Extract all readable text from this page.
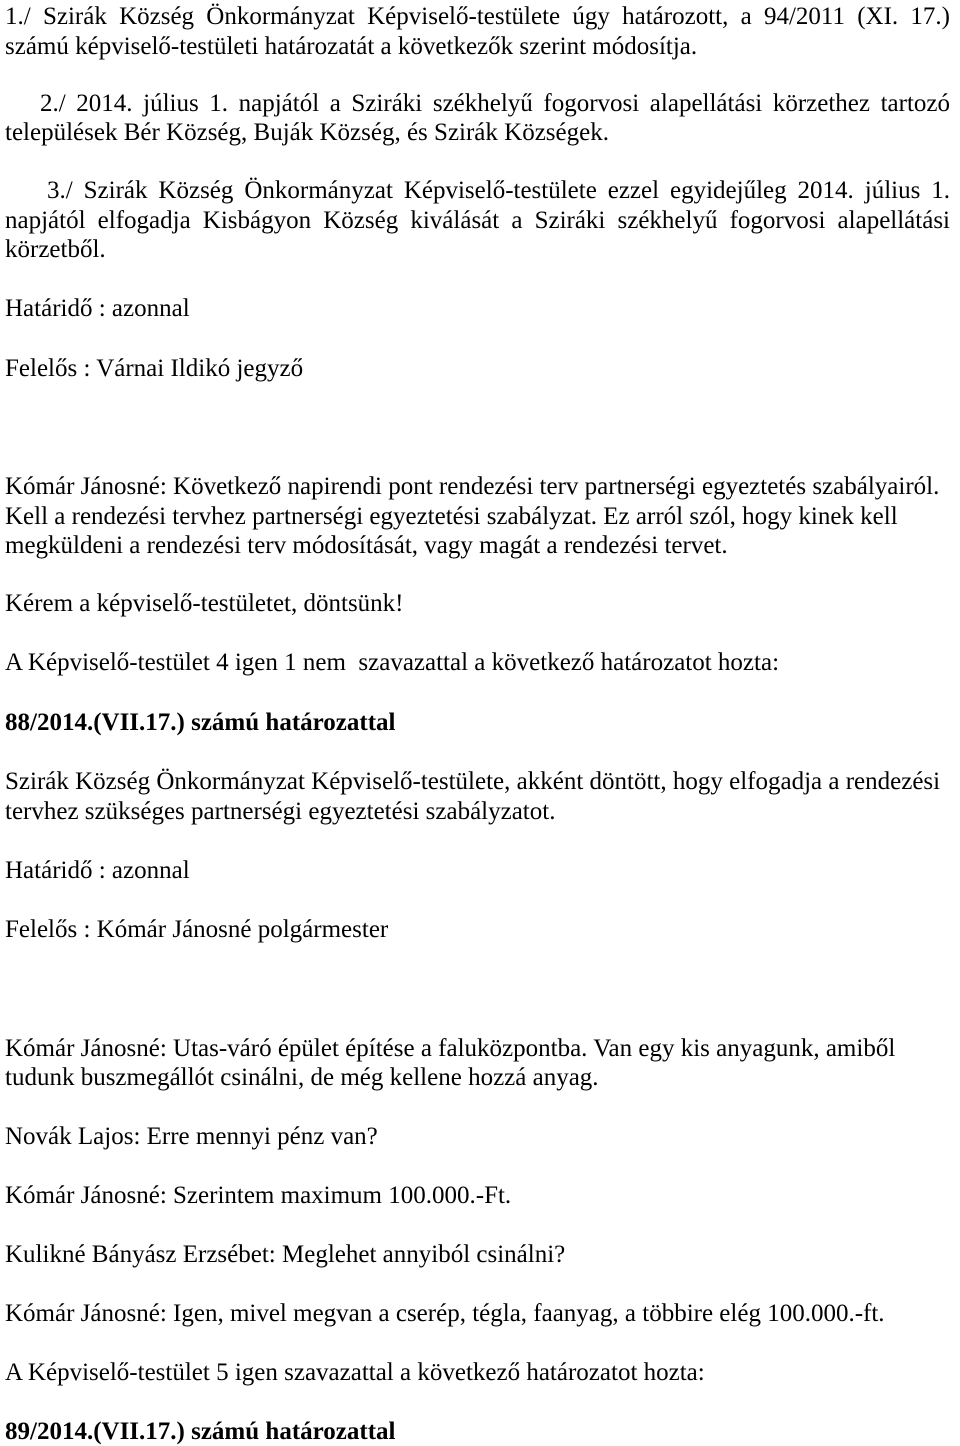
1./ Szirák Község Önkormányzat Képviselő-testülete úgy határozott, a 94/2011 (XI. 17.)
számú képviselő-testületi határozatát a következők szerint módosítja.
2./ 2014. július 1. napjától a Sziráki székhelyű fogorvosi alapellátási körzethez tartozó
települések Bér Község, Buják Község, és Szirák Községek.
3./ Szirák Község Önkormányzat Képviselő-testülete ezzel egyidejűleg 2014. július 1.
napjától elfogadja Kisbágyon Község kiválását a Sziráki székhelyű fogorvosi alapellátási
körzetből.
Határidő : azonnal
Felelős : Várnai Ildikó jegyző
Kómár Jánosné: Következő napirendi pont rendezési terv partnerségi egyeztetés szabályairól.
Kell a rendezési tervhez partnerségi egyeztetési szabályzat. Ez arról szól, hogy kinek kell
megküldeni a rendezési terv módosítását, vagy magát a rendezési tervet.
Kérem a képviselő-testületet, döntsünk!
A Képviselő-testület 4 igen 1 nem  szavazattal a következő határozatot hozta:
88/2014.(VII.17.) számú határozattal
Szirák Község Önkormányzat Képviselő-testülete, akként döntött, hogy elfogadja a rendezési
tervhez szükséges partnerségi egyeztetési szabályzatot.
Határidő : azonnal
Felelős : Kómár Jánosné polgármester
Kómár Jánosné: Utas-váró épület építése a faluközpontba. Van egy kis anyagunk, amiből
tudunk buszmegállót csinálni, de még kellene hozzá anyag.
Novák Lajos: Erre mennyi pénz van?
Kómár Jánosné: Szerintem maximum 100.000.-Ft.
Kulikné Bányász Erzsébet: Meglehet annyiból csinálni?
Kómár Jánosné: Igen, mivel megvan a cserép, tégla, faanyag, a többire elég 100.000.-ft.
A Képviselő-testület 5 igen szavazattal a következő határozatot hozta:
89/2014.(VII.17.) számú határozattal
